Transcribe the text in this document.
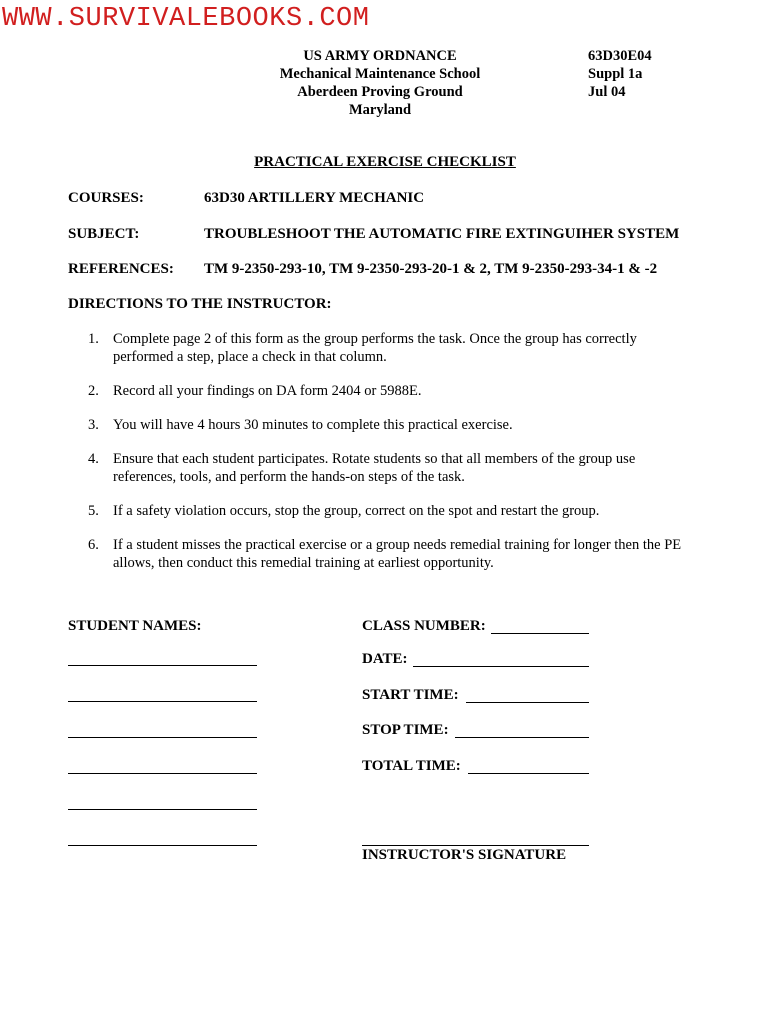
WWW.SURVIVALEBOOKS.COM
US ARMY ORDNANCE
Mechanical Maintenance School
Aberdeen Proving Ground
Maryland
63D30E04
Suppl 1a
Jul 04
PRACTICAL EXERCISE CHECKLIST
COURSES:	63D30 ARTILLERY MECHANIC
SUBJECT:	TROUBLESHOOT THE AUTOMATIC FIRE EXTINGUIHER SYSTEM
REFERENCES: TM 9-2350-293-10, TM 9-2350-293-20-1 & 2, TM 9-2350-293-34-1 & -2
DIRECTIONS TO THE INSTRUCTOR:
1. Complete page 2 of this form as the group performs the task. Once the group has correctly performed a step, place a check in that column.
2. Record all your findings on DA form 2404 or 5988E.
3. You will have 4 hours 30 minutes to complete this practical exercise.
4. Ensure that each student participates. Rotate students so that all members of the group use references, tools, and perform the hands-on steps of the task.
5. If a safety violation occurs, stop the group, correct on the spot and restart the group.
6. If a student misses the practical exercise or a group needs remedial training for longer then the PE allows, then conduct this remedial training at earliest opportunity.
STUDENT NAMES:	CLASS NUMBER:
DATE:
START TIME:
STOP TIME:
TOTAL TIME:
INSTRUCTOR'S SIGNATURE
